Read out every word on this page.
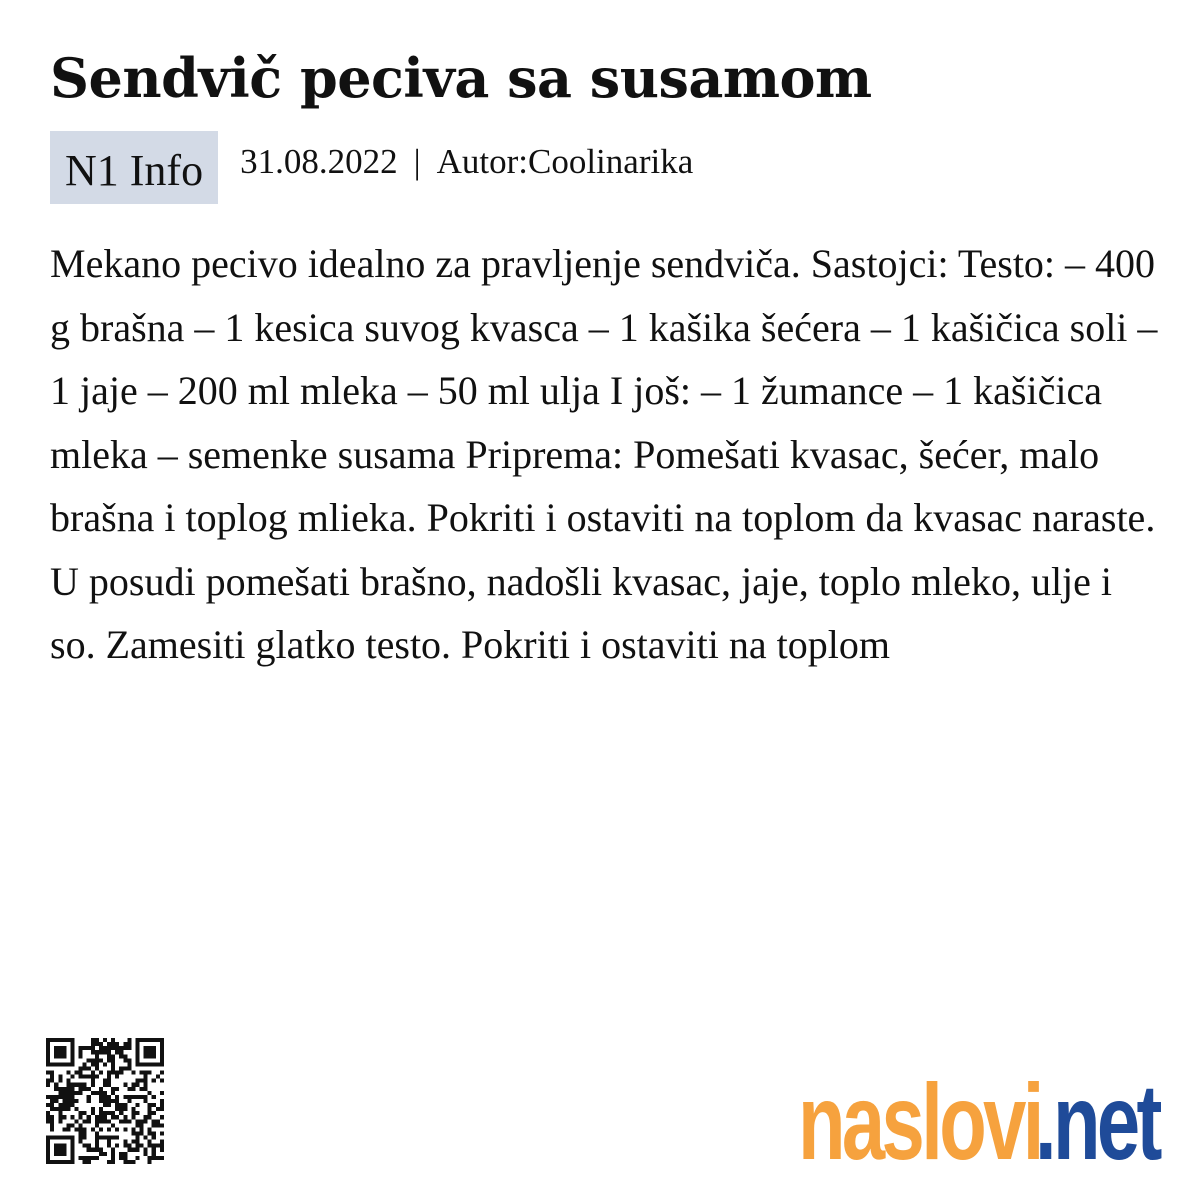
Sendvič peciva sa susamom
N1 Info	31.08.2022 | Autor:Coolinarika

Mekano pecivo idealno za pravljenje sendviča. Sastojci: Testo: – 400 g brašna – 1 kesica suvog kvasca – 1 kašika šećera – 1 kašičica soli – 1 jaje – 200 ml mleka – 50 ml ulja I još: – 1 žumance – 1 kašičica mleka – semenke susama Priprema: Pomešati kvasac, šećer, malo brašna i toplog mlieka. Pokriti i ostaviti na toplom da kvasac naraste. U posudi pomešati brašno, nadošli kvasac, jaje, toplo mleko, ulje i so. Zamesiti glatko testo. Pokriti i ostaviti na toplom

naslovi
.net
